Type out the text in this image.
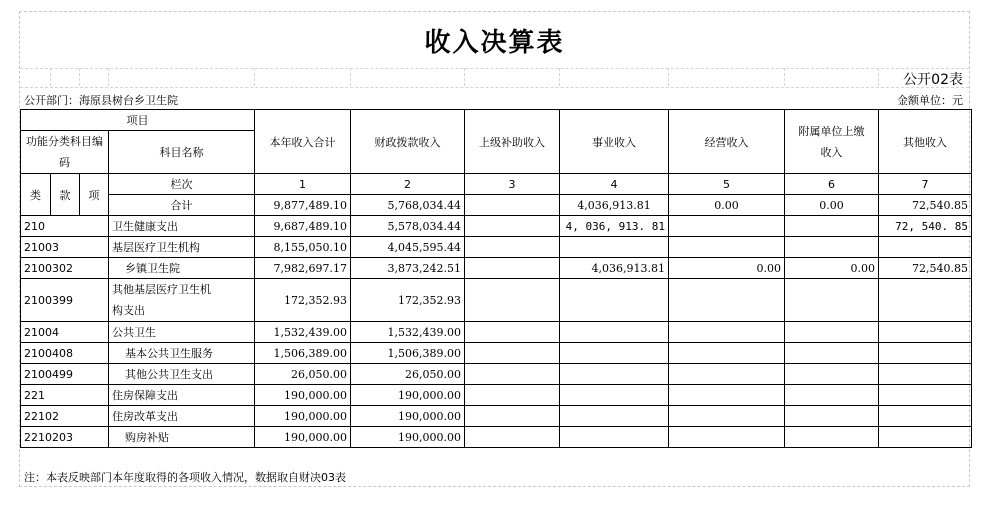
收入决算表
公开02表
公开部门：海原县树台乡卫生院	金额单位：元
项目				本年收入合计	财政拨款收入	上级补助收入	事业收入	经营收入	附属单位上缴收入	其他收入
功能分类科目编码			科目名称							

类	款	项	栏次	1	2	3	4	5	6	7
			合计	9,877,489.10	5,768,034.44		4,036,913.81	0.00	0.00	72,540.85
210			卫生健康支出	9,687,489.10	5,578,034.44		4, 036, 913. 81			72, 540. 85
21003			基层医疗卫生机构	8,155,050.10	4,045,595.44					
2100302			乡镇卫生院	7,982,697.17	3,873,242.51		4,036,913.81	0.00	0.00	72,540.85
2100399			其他基层医疗卫生机构支出	172,352.93	172,352.93					
21004			公共卫生	1,532,439.00	1,532,439.00					
2100408			基本公共卫生服务	1,506,389.00	1,506,389.00					
2100499			其他公共卫生支出	26,050.00	26,050.00					
221			住房保障支出	190,000.00	190,000.00					
22102			住房改革支出	190,000.00	190,000.00					
2210203			购房补贴	190,000.00	190,000.00					
注：本表反映部门本年度取得的各项收入情况，数据取自财决03表
